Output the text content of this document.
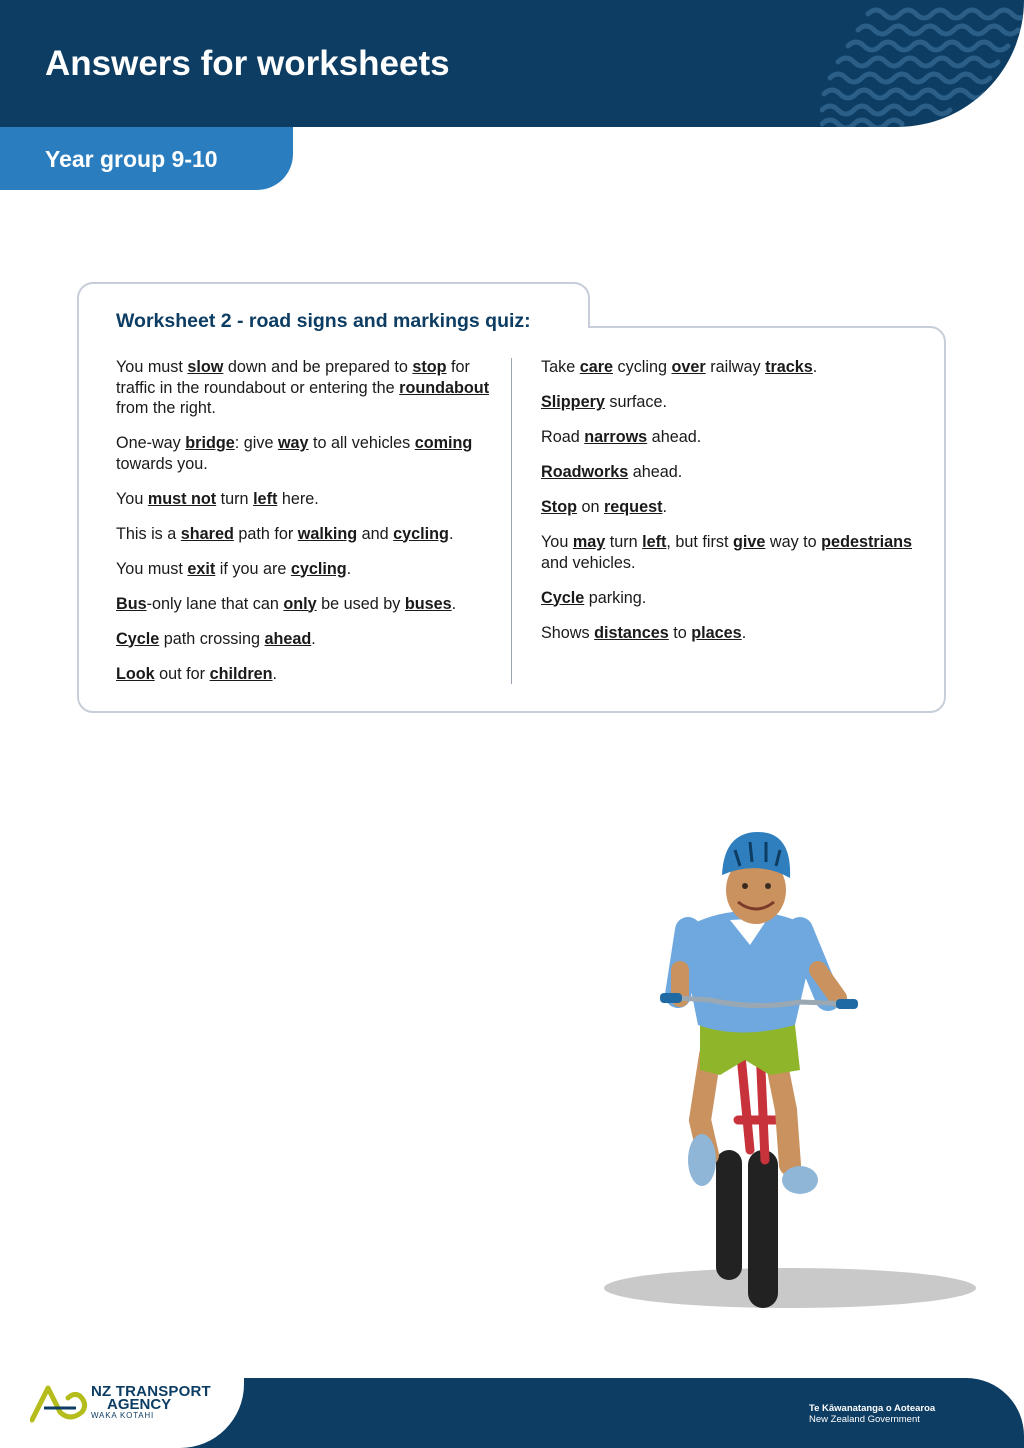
Answers for worksheets
Year group 9-10
Worksheet 2 - road signs and markings quiz:

You must slow down and be prepared to stop for traffic in the roundabout or entering the roundabout from the right.

One-way bridge: give way to all vehicles coming towards you.

You must not turn left here.

This is a shared path for walking and cycling.

You must exit if you are cycling.

Bus-only lane that can only be used by buses.

Cycle path crossing ahead.

Look out for children.

Take care cycling over railway tracks.

Slippery surface.

Road narrows ahead.

Roadworks ahead.

Stop on request.

You may turn left, but first give way to pedestrians and vehicles.

Cycle parking.

Shows distances to places.

NZ TRANSPORT
AGENCY
WAKA KOTAHI
Te Kāwanatanga o Aotearoa
New Zealand Government
